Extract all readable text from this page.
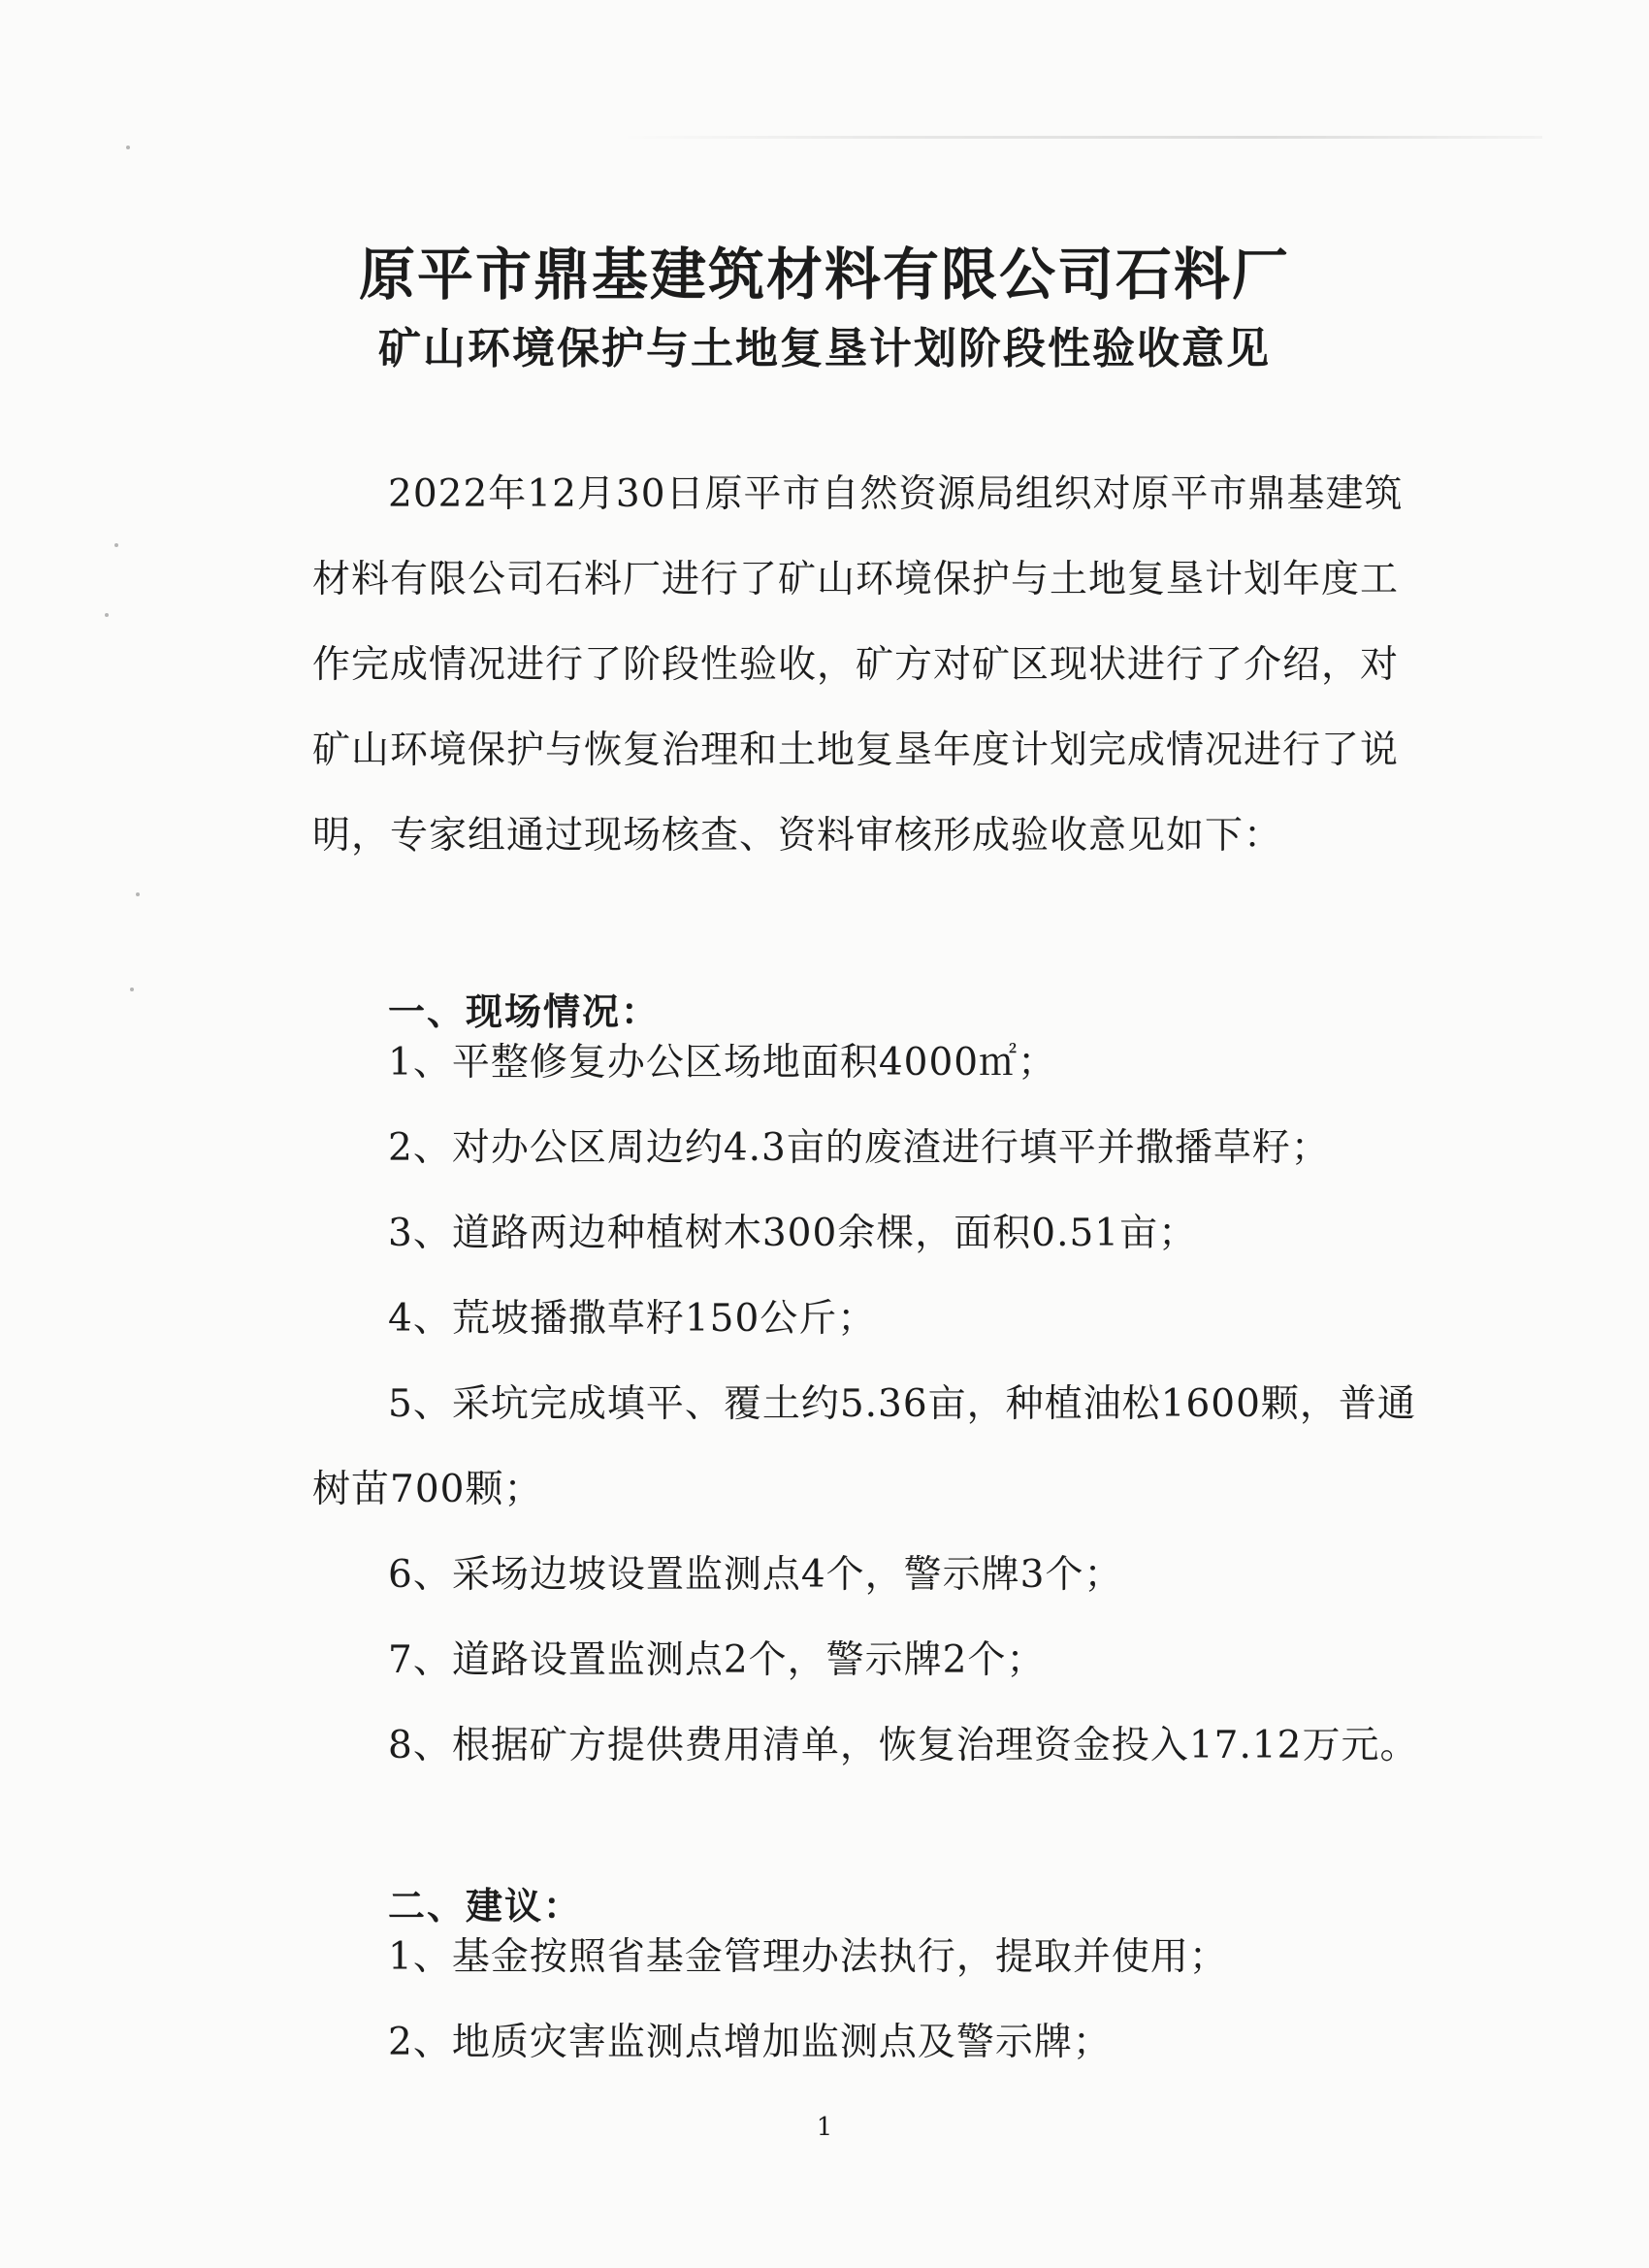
原平市鼎基建筑材料有限公司石料厂
矿山环境保护与土地复垦计划阶段性验收意见

2022年12月30日原平市自然资源局组织对原平市鼎基建筑材料有限公司石料厂进行了矿山环境保护与土地复垦计划年度工作完成情况进行了阶段性验收，矿方对矿区现状进行了介绍，对矿山环境保护与恢复治理和土地复垦年度计划完成情况进行了说明，专家组通过现场核查、资料审核形成验收意见如下：

一、现场情况：

1、平整修复办公区场地面积4000㎡；

2、对办公区周边约4.3亩的废渣进行填平并撒播草籽；

3、道路两边种植树木300余棵，面积0.51亩；

4、荒坡播撒草籽150公斤；

5、采坑完成填平、覆土约5.36亩，种植油松1600颗，普通树苗700颗；

6、采场边坡设置监测点4个，警示牌3个；

7、道路设置监测点2个，警示牌2个；

8、根据矿方提供费用清单，恢复治理资金投入17.12万元。

二、建议：

1、基金按照省基金管理办法执行，提取并使用；

2、地质灾害监测点增加监测点及警示牌；

1
